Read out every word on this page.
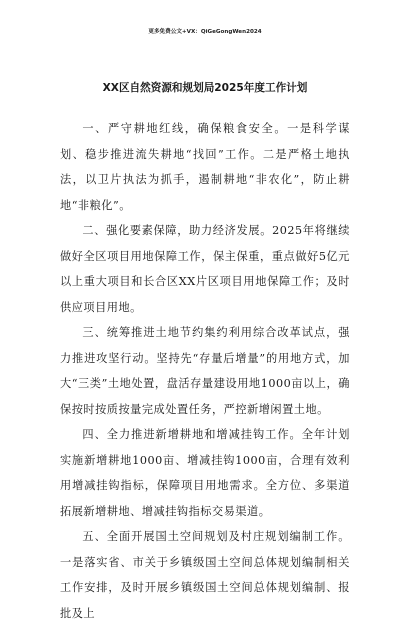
更多免费公文+VX：QiGeGongWen2024
XX区自然资源和规划局2025年度工作计划

一、严守耕地红线，确保粮食安全。一是科学谋划、稳步推进流失耕地“找回”工作。二是严格土地执法，以卫片执法为抓手，遏制耕地“非农化”，防止耕地“非粮化”。

二、强化要素保障，助力经济发展。2025年将继续做好全区项目用地保障工作，保主保重，重点做好5亿元以上重大项目和长合区XX片区项目用地保障工作；及时供应项目用地。

三、统筹推进土地节约集约利用综合改革试点，强力推进攻坚行动。坚持先“存量后增量”的用地方式，加大“三类”土地处置，盘活存量建设用地1000亩以上，确保按时按质按量完成处置任务，严控新增闲置土地。

四、全力推进新增耕地和增减挂钩工作。全年计划实施新增耕地1000亩、增减挂钩1000亩，合理有效利用增减挂钩指标，保障项目用地需求。全方位、多渠道拓展新增耕地、增减挂钩指标交易渠道。

五、全面开展国土空间规划及村庄规划编制工作。一是落实省、市关于乡镇级国土空间总体规划编制相关工作安排，及时开展乡镇级国土空间总体规划编制、报批及上
